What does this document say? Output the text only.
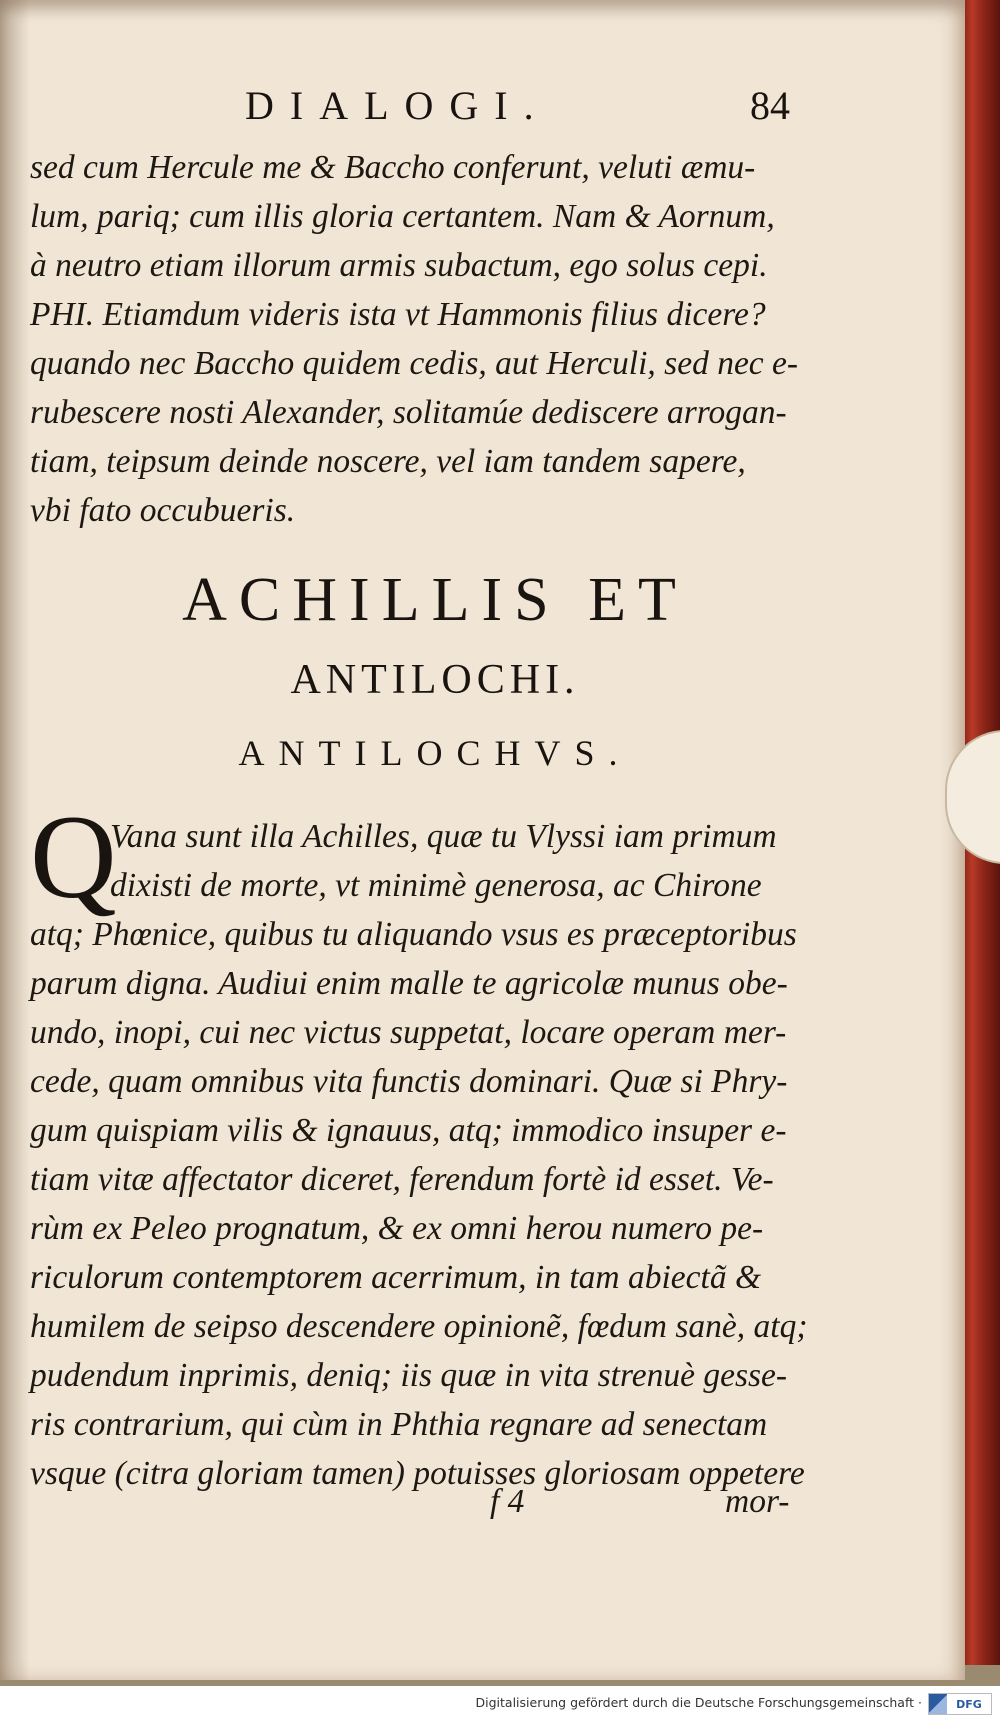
DIALOGI.	84
sed cum Hercule me & Baccho conferunt, veluti æmu-
lum, pariq; cum illis gloria certantem. Nam & Aornum,
à neutro etiam illorum armis subactum, ego solus cepi.
PHI. Etiamdum videris ista vt Hammonis filius dicere?
quando nec Baccho quidem cedis, aut Herculi, sed nec e-
rubescere nosti Alexander, solitamúe dediscere arrogan-
tiam, teipsum deinde noscere, vel iam tandem sapere,
vbi fato occubueris.
ACHILLIS ET
ANTILOCHI.
ANTILOCHVS.
Q
Vana sunt illa Achilles, quæ tu Vlyssi iam primum
dixisti de morte, vt minimè generosa, ac Chirone
atq; Phœnice, quibus tu aliquando vsus es præceptoribus
parum digna. Audiui enim malle te agricolæ munus obe-
undo, inopi, cui nec victus suppetat, locare operam mer-
cede, quam omnibus vita functis dominari. Quæ si Phry-
gum quispiam vilis & ignauus, atq; immodico insuper e-
tiam vitæ affectator diceret, ferendum fortè id esset. Ve-
rùm ex Peleo prognatum, & ex omni herou numero pe-
riculorum contemptorem acerrimum, in tam abiectã &
humilem de seipso descendere opinionẽ, fœdum sanè, atq;
pudendum inprimis, deniq; iis quæ in vita strenuè gesse-
ris contrarium, qui cùm in Phthia regnare ad senectam
vsque (citra gloriam tamen) potuisses gloriosam oppetere
f 4	mor-
Digitalisierung gefördert durch die Deutsche Forschungsgemeinschaft ·	DFG
